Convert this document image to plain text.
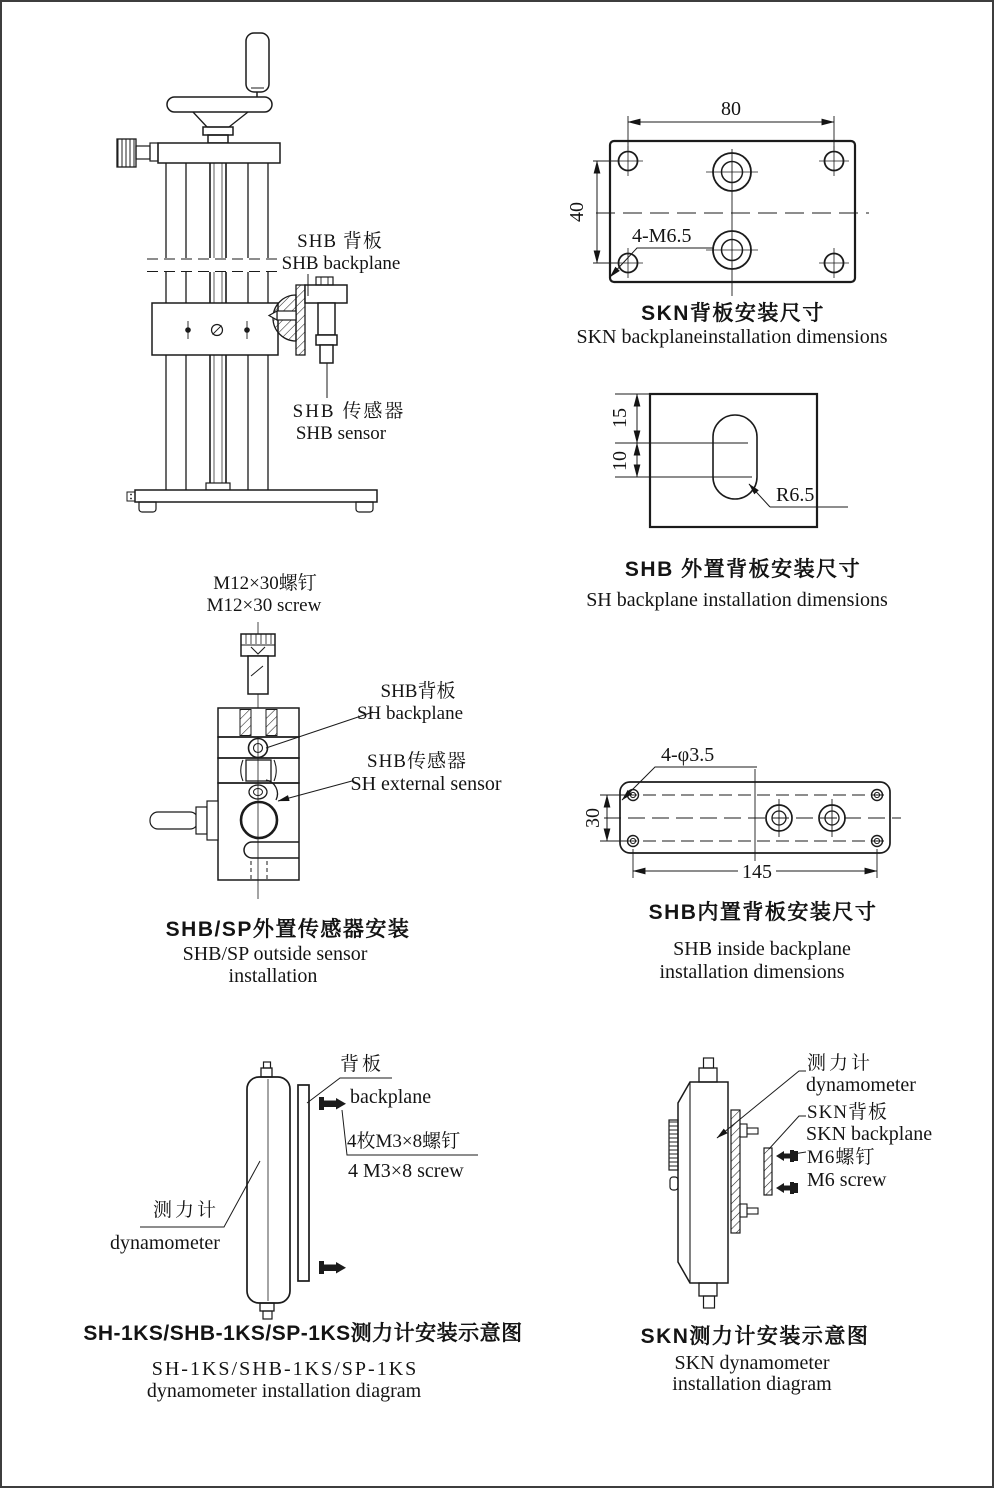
SHB 背板
SHB backplane
SHB 传感器
SHB sensor
80
40
4-M6.5
SKN背板安装尺寸
SKN backplaneinstallation dimensions
15
10
R6.5
SHB 外置背板安装尺寸
SH backplane installation dimensions
M12×30螺钉
M12×30 screw
SHB背板
SH backplane
SHB传感器
SH external sensor
SHB/SP外置传感器安装
SHB/SP outside sensor
installation
4-φ3.5
30
145
SHB内置背板安装尺寸
SHB inside backplane
installation dimensions
背板
backplane
4枚M3×8螺钉
4 M3×8 screw
测力计
dynamometer
SH-1KS/SHB-1KS/SP-1KS测力计安装示意图
SH-1KS/SHB-1KS/SP-1KS
dynamometer installation diagram
测力计
dynamometer
SKN背板
SKN backplane
M6螺钉
M6 screw
SKN测力计安装示意图
SKN dynamometer
installation diagram
